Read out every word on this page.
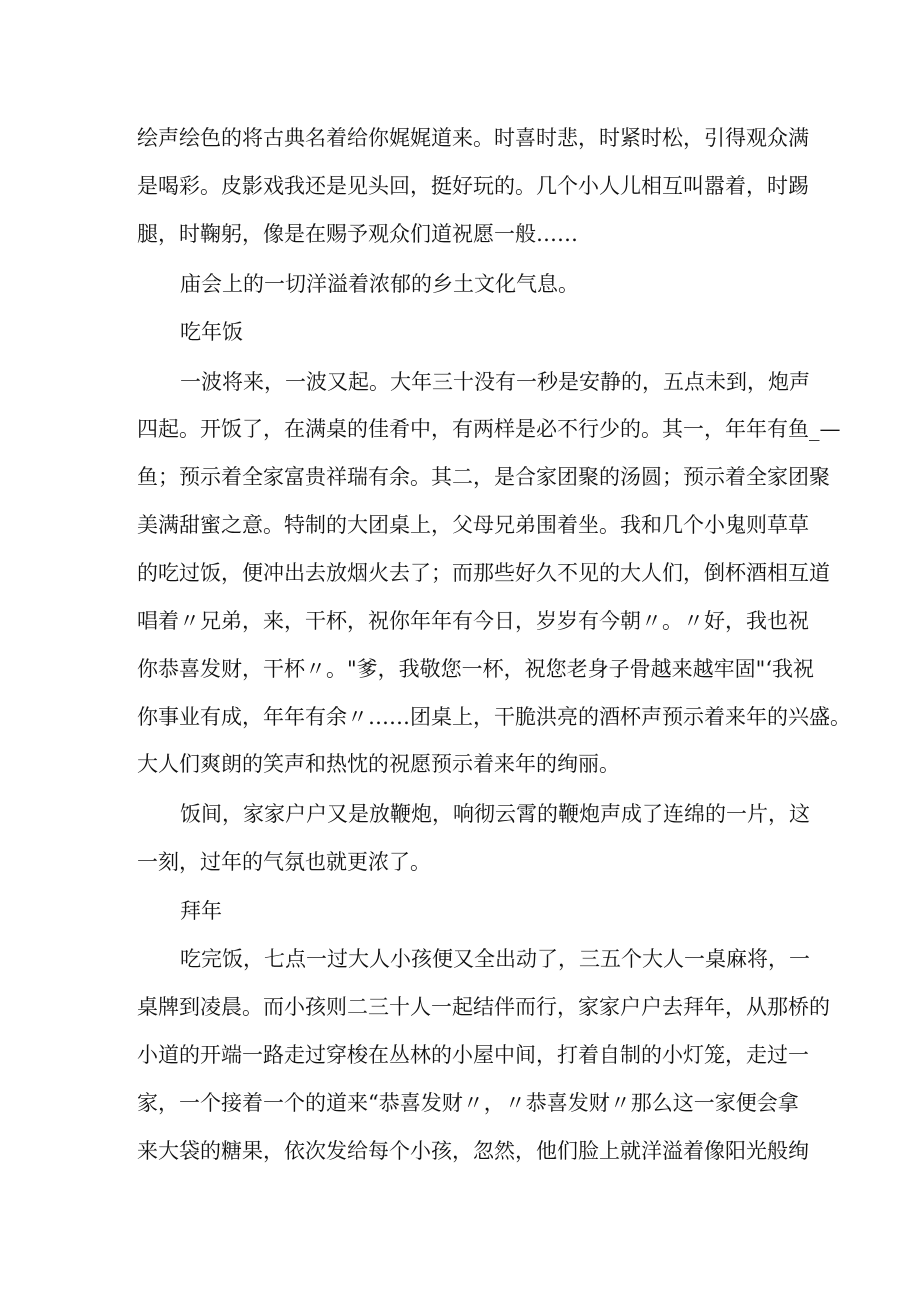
绘声绘色的将古典名着给你娓娓道来。时喜时悲，时紧时松，引得观众满

是喝彩。皮影戏我还是见头回，挺好玩的。几个小人儿相互叫嚣着，时踢

腿，时鞠躬，像是在赐予观众们道祝愿一般……

庙会上的一切洋溢着浓郁的乡土文化气息。

吃年饭

一波将来，一波又起。大年三十没有一秒是安静的，五点未到，炮声

四起。开饭了，在满桌的佳肴中，有两样是必不行少的。其一，年年有鱼_—

鱼；预示着全家富贵祥瑞有余。其二，是合家团聚的汤圆；预示着全家团聚

美满甜蜜之意。特制的大团桌上，父母兄弟围着坐。我和几个小鬼则草草

的吃过饭，便冲出去放烟火去了；而那些好久不见的大人们，倒杯酒相互道

唱着〃兄弟，来，干杯，祝你年年有今日，岁岁有今朝〃。〃好，我也祝

你恭喜发财，干杯〃。"爹，我敬您一杯，祝您老身子骨越来越牢固"‘我祝

你事业有成，年年有余〃……团桌上，干脆洪亮的酒杯声预示着来年的兴盛。

大人们爽朗的笑声和热忱的祝愿预示着来年的绚丽。

饭间，家家户户又是放鞭炮，响彻云霄的鞭炮声成了连绵的一片，这

一刻，过年的气氛也就更浓了。

拜年

吃完饭，七点一过大人小孩便又全出动了，三五个大人一桌麻将，一

桌牌到凌晨。而小孩则二三十人一起结伴而行，家家户户去拜年，从那桥的

小道的开端一路走过穿梭在丛林的小屋中间，打着自制的小灯笼，走过一

家，一个接着一个的道来“恭喜发财〃，〃恭喜发财〃那么这一家便会拿

来大袋的糖果，依次发给每个小孩，忽然，他们脸上就洋溢着像阳光般绚
